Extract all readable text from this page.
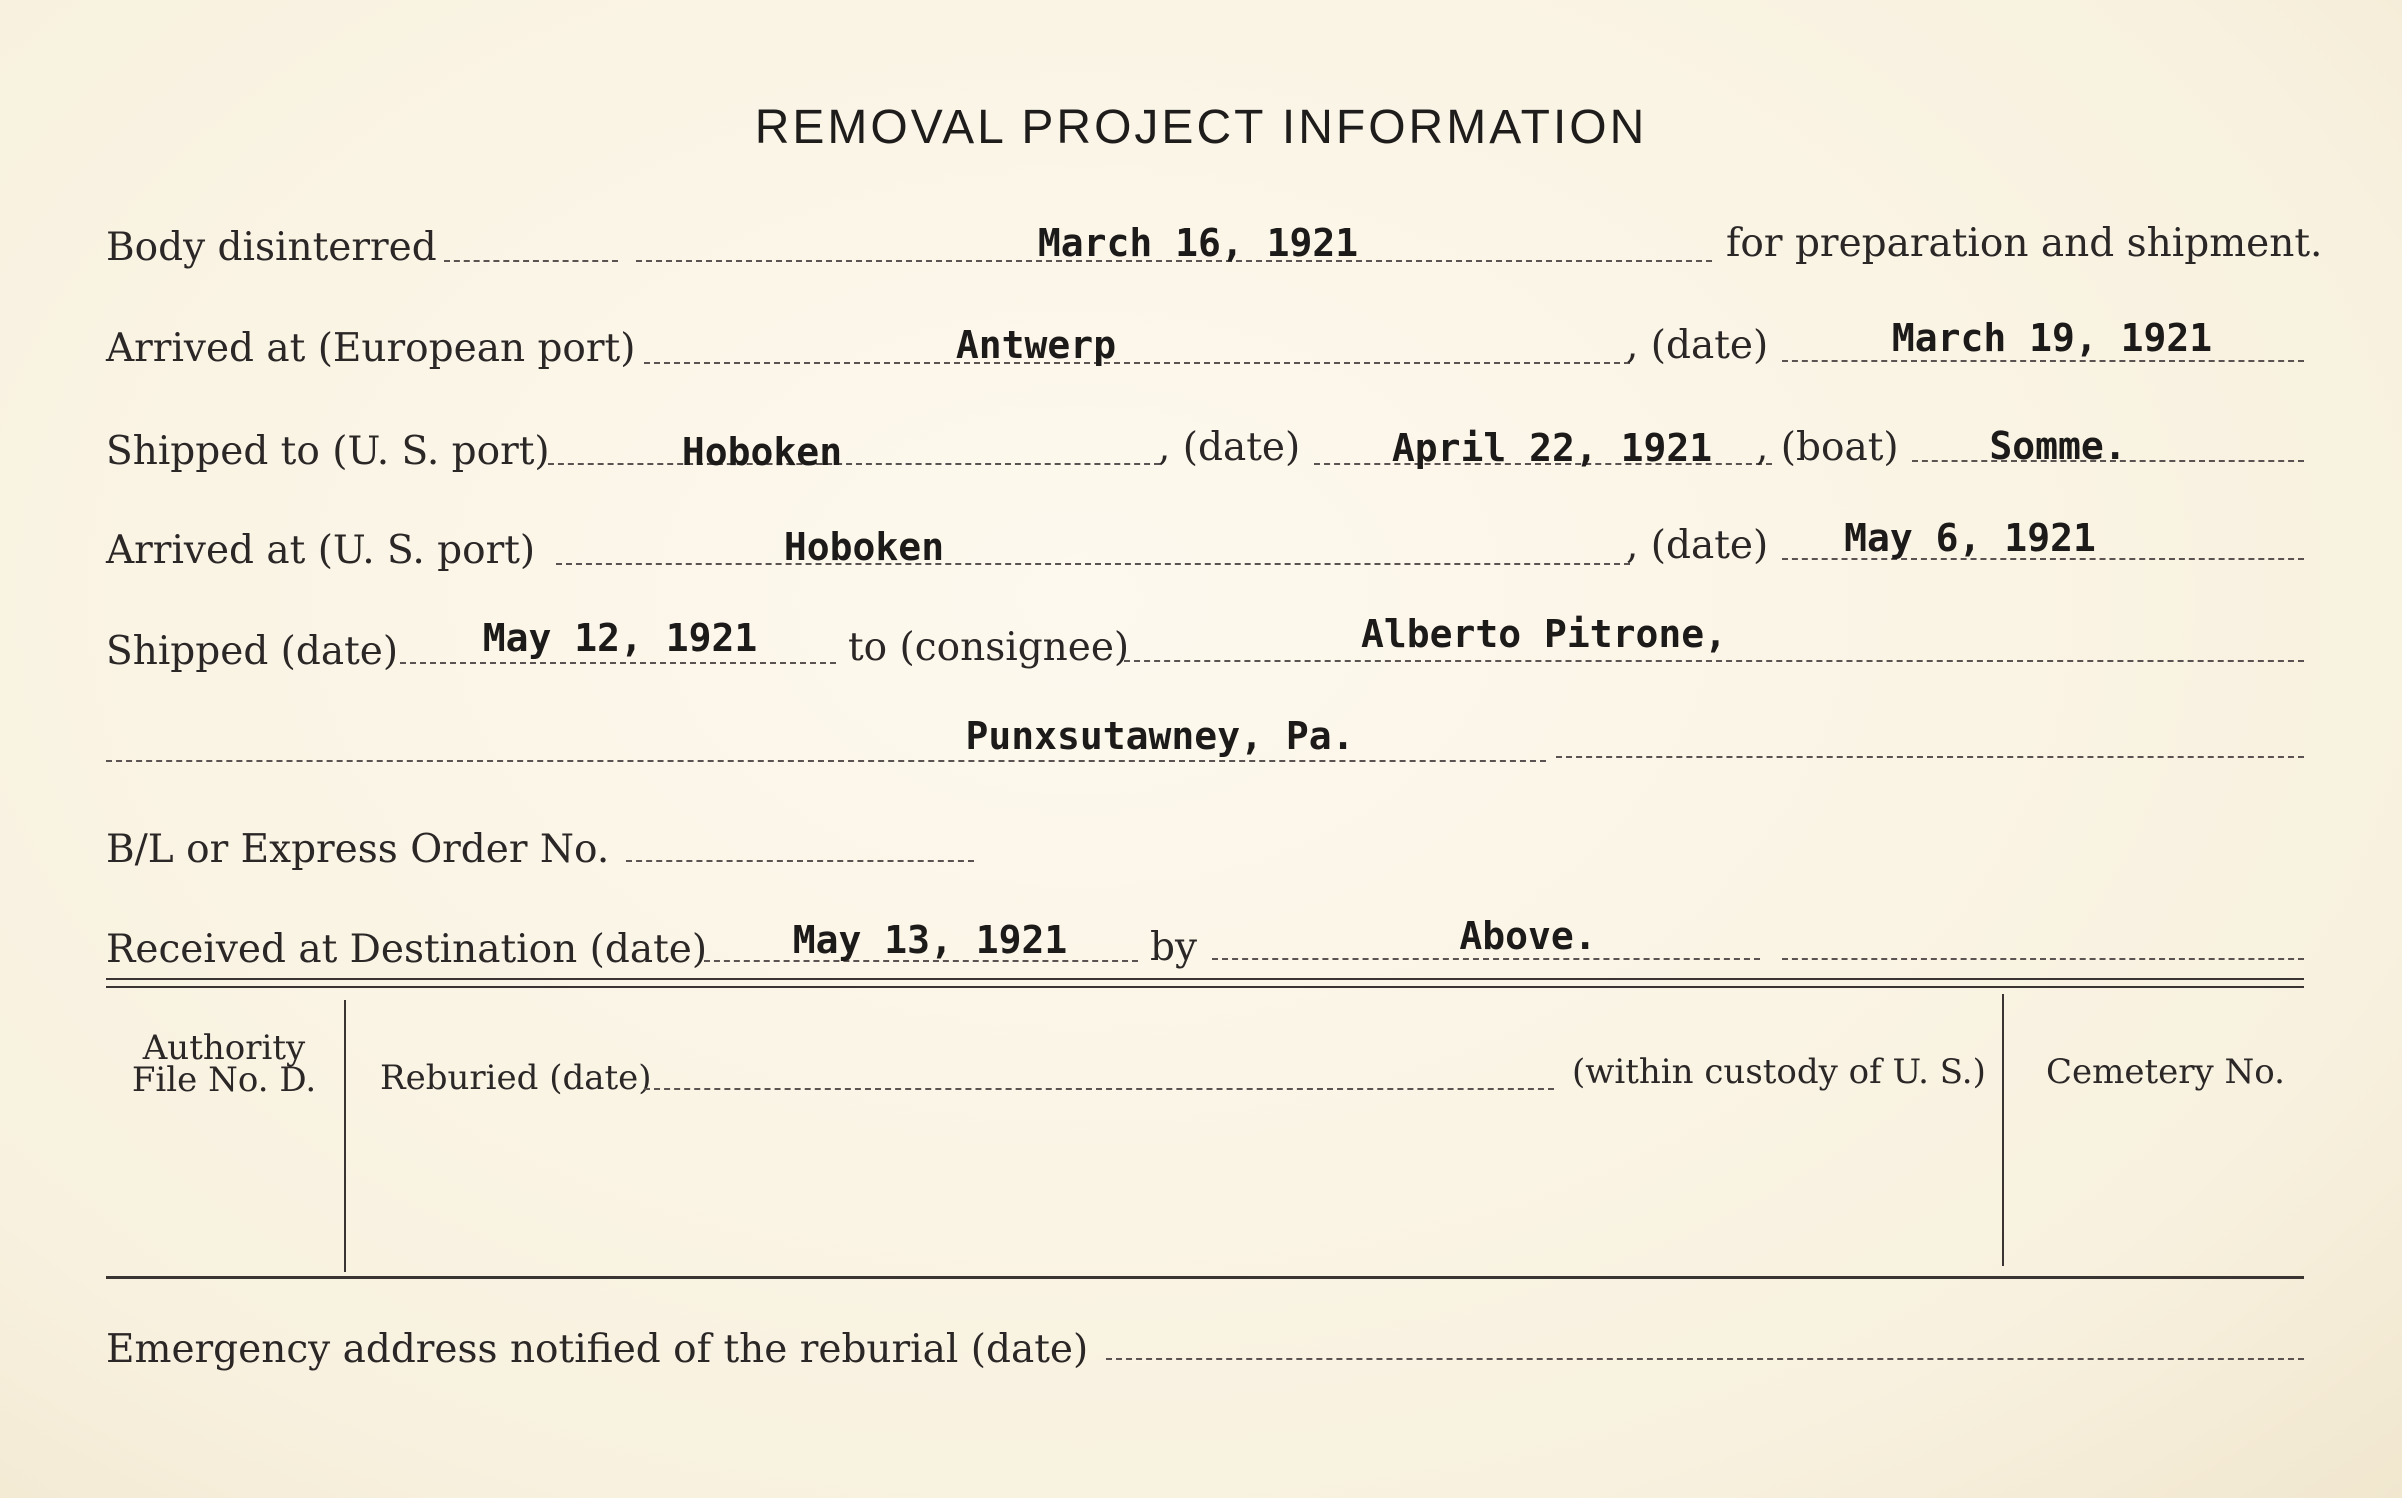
REMOVAL PROJECT INFORMATION
Body disinterred	March 16, 1921	for preparation and shipment.
Arrived at (European port)	Antwerp	, (date)	March 19, 1921
Shipped to (U. S. port)	Hoboken	, (date) April 22, 1921 , (boat) Somme.
Arrived at (U. S. port)	Hoboken	, (date) May 6, 1921
Shipped (date) May 12, 1921 to (consignee)	Alberto Pitrone,
Punxsutawney, Pa.
B/L or Express Order No.
Received at Destination (date) May 13, 1921 by	Above.
Authority
File No. D.	Reburied (date)	(within custody of U. S.) Cemetery No.
Emergency address notified of the reburial (date)
